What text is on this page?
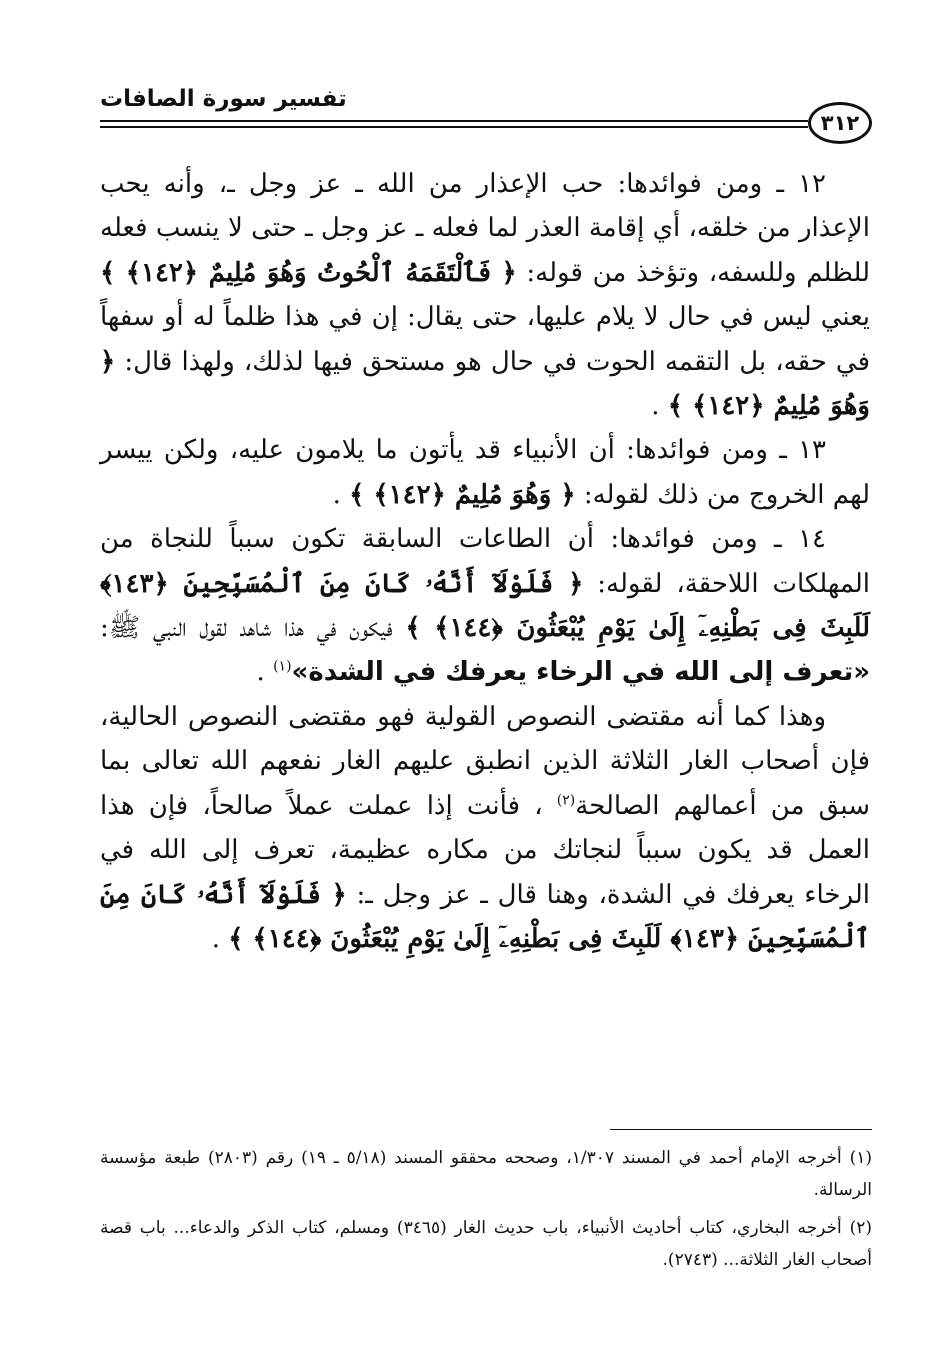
٣١٢
تفسير سورة الصافات

١٢ ـ ومن فوائدها: حب الإعذار من الله ـ عز وجل ـ، وأنه يحب الإعذار من خلقه، أي إقامة العذر لما فعله ـ عز وجل ـ حتى لا ينسب فعله للظلم وللسفه، وتؤخذ من قوله: ﴿ فَٱلْتَقَمَهُ ٱلْحُوتُ وَهُوَ مُلِيمٌ ﴿١٤٢﴾ ﴾ يعني ليس في حال لا يلام عليها، حتى يقال: إن في هذا ظلماً له أو سفهاً في حقه، بل التقمه الحوت في حال هو مستحق فيها لذلك، ولهذا قال: ﴿ وَهُوَ مُلِيمٌ ﴿١٤٢﴾ ﴾ .

١٣ ـ ومن فوائدها: أن الأنبياء قد يأتون ما يلامون عليه، ولكن ييسر لهم الخروج من ذلك لقوله: ﴿ وَهُوَ مُلِيمٌ ﴿١٤٢﴾ ﴾ .

١٤ ـ ومن فوائدها: أن الطاعات السابقة تكون سبباً للنجاة من المهلكات اللاحقة، لقوله: ﴿ فَلَوْلَآ أَنَّهُۥ كَانَ مِنَ ٱلْمُسَبِّحِينَ ﴿١٤٣﴾ لَلَبِثَ فِى بَطْنِهِۦٓ إِلَىٰ يَوْمِ يُبْعَثُونَ ﴿١٤٤﴾ ﴾ فيكون في هذا شاهد لقول النبي ﷺ: «تعرف إلى الله في الرخاء يعرفك في الشدة»$^{(١)}$ .

وهذا كما أنه مقتضى النصوص القولية فهو مقتضى النصوص الحالية، فإن أصحاب الغار الثلاثة الذين انطبق عليهم الغار نفعهم الله تعالى بما سبق من أعمالهم الصالحة$^{(٢)}$ ، فأنت إذا عملت عملاً صالحاً، فإن هذا العمل قد يكون سبباً لنجاتك من مكاره عظيمة، تعرف إلى الله في الرخاء يعرفك في الشدة، وهنا قال ـ عز وجل ـ: ﴿ فَلَوْلَآ أَنَّهُۥ كَانَ مِنَ ٱلْمُسَبِّحِينَ ﴿١٤٣﴾ لَلَبِثَ فِى بَطْنِهِۦٓ إِلَىٰ يَوْمِ يُبْعَثُونَ ﴿١٤٤﴾ ﴾ .

(١) أخرجه الإمام أحمد في المسند ١/٣٠٧، وصححه محققو المسند (٥/١٨ ـ ١٩) رقم (٢٨٠٣) طبعة مؤسسة الرسالة.

(٢) أخرجه البخاري، كتاب أحاديث الأنبياء، باب حديث الغار (٣٤٦٥) ومسلم، كتاب الذكر والدعاء... باب قصة أصحاب الغار الثلاثة... (٢٧٤٣).
